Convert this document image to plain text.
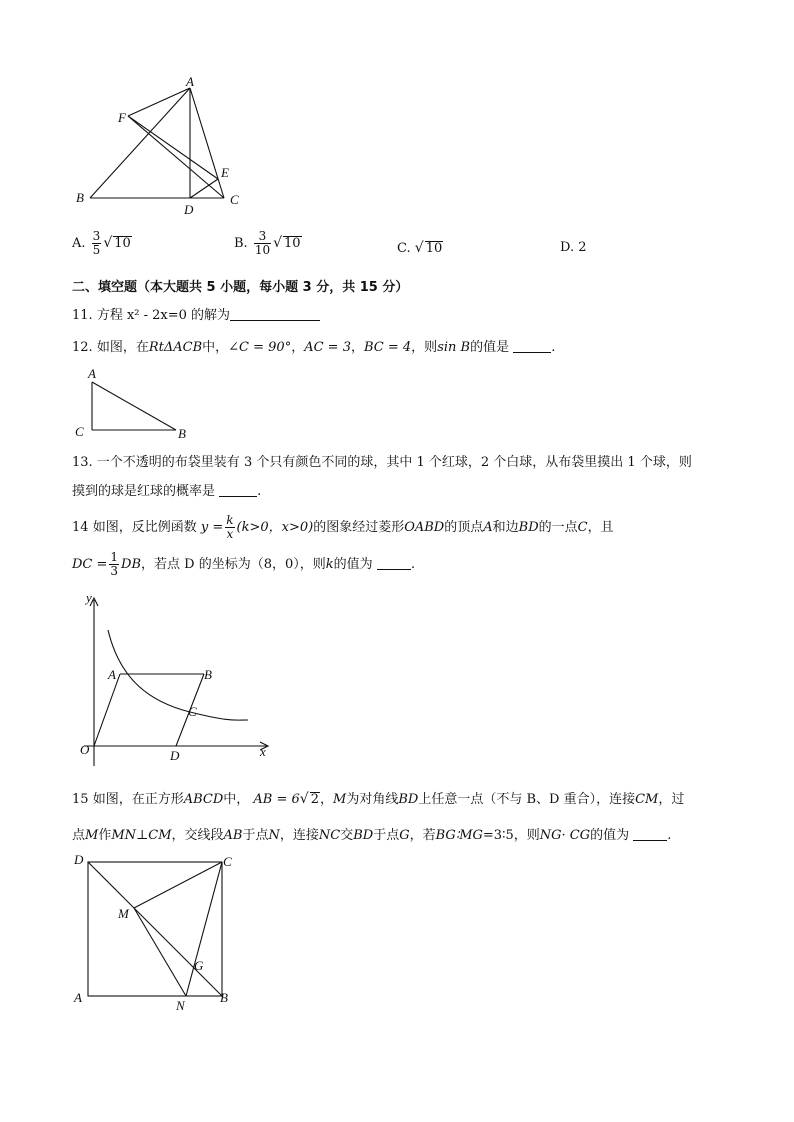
A
F
E
B
D
C
A. $\frac{3}{5}$ √ 10	B. $\frac{3}{10}$ √ 10	C. √ 10	D. 2
二、填空题（本大题共 5 小题，每小题 3 分，共 15 分）
11. 方程 x² - 2x=0 的解为
12. 如图，在RtΔACB中，∠C = 90°，AC = 3，BC = 4，则sin B的值是	.
A
C	B
13. 一个不透明的布袋里装有 3 个只有颜色不同的球，其中 1 个红球，2 个白球，从布袋里摸出 1 个球，则
摸到的球是红球的概率是	.
14 如图，反比例函数 $y = \frac{k}{x} (k>0$，x>0)的图象经过菱形OABD的顶点A和边BD的一点C，且
DC = $\frac{1}{3}$ DB，若点 D 的坐标为（8，0），则k的值为	.
y
x
O
A	B
C
D
15 如图，在正方形ABCD中， AB = 6√ 2，M为对角线BD上任意一点（不与 B、D 重合），连接CM，过
点M作MN⊥CM，交线段AB于点N，连接NC交BD于点G，若BG∶MG=3∶5，则NG· CG的值为	.
D	C
M
G
A
N
B
